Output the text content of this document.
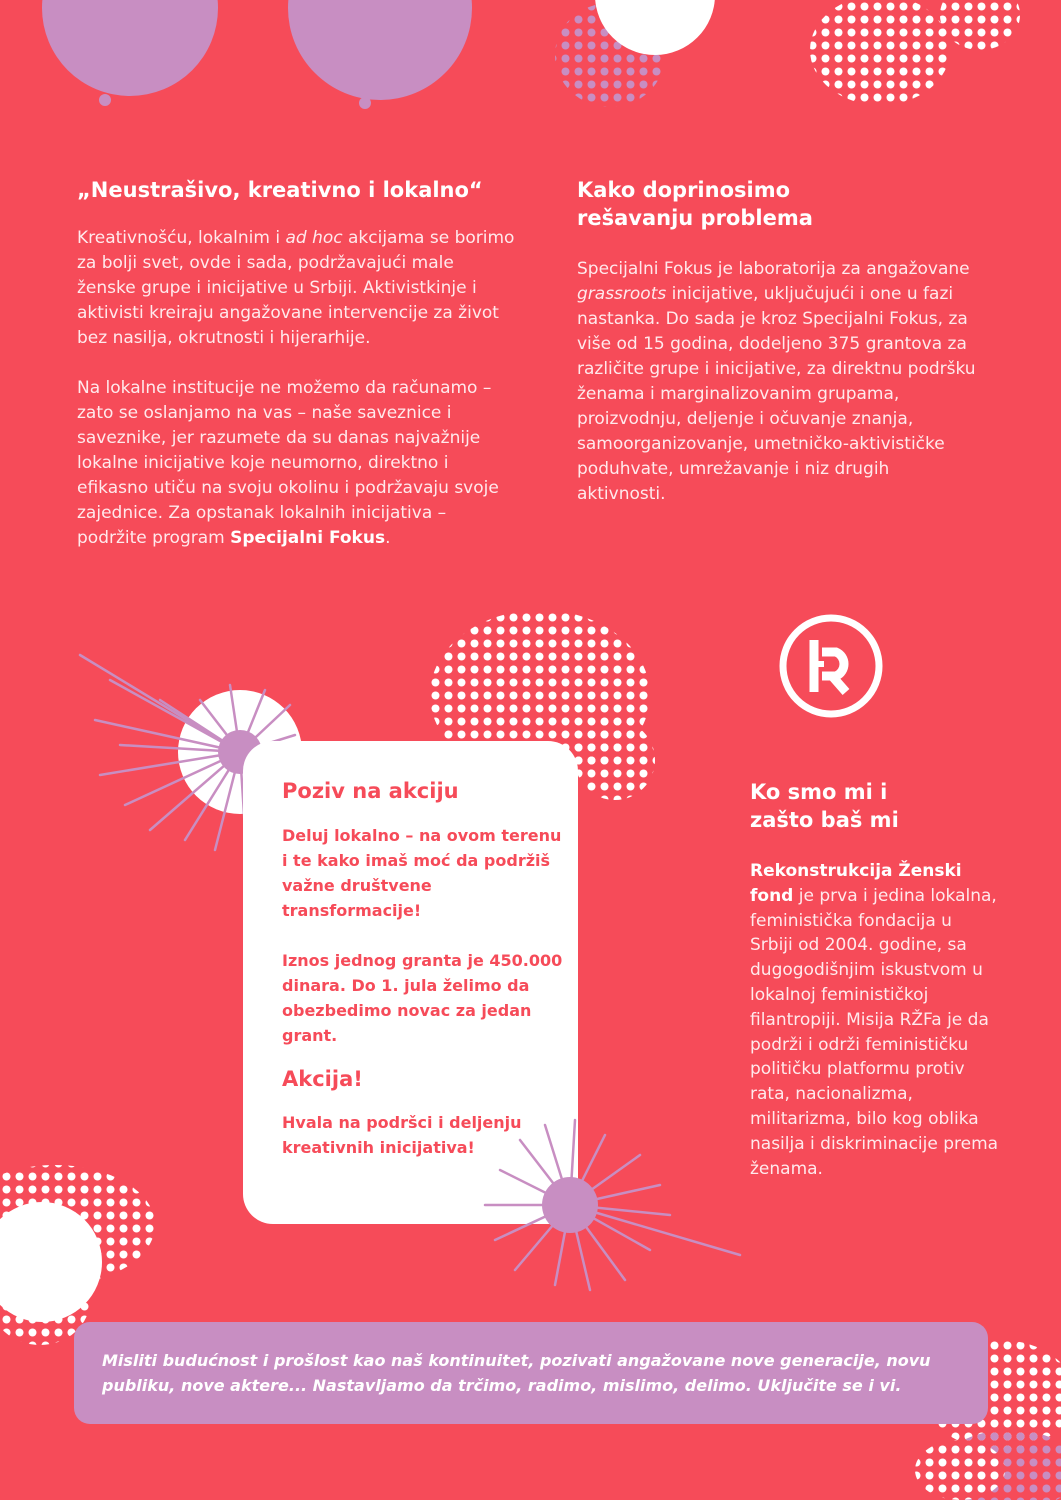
„Neustrašivo, kreativno i lokalno“

Kreativnošću, lokalnim i ad hoc akcijama se borimo za bolji svet, ovde i sada, podržavajući male ženske grupe i inicijative u Srbiji. Aktivistkinje i aktivisti kreiraju angažovane intervencije za život bez nasilja, okrutnosti i hijerarhije.

Na lokalne institucije ne možemo da računamo – zato se oslanjamo na vas – naše saveznice i saveznike, jer razumete da su danas najvažnije lokalne inicijative koje neumorno, direktno i efikasno utiču na svoju okolinu i podržavaju svoje zajednice. Za opstanak lokalnih inicijativa – podržite program Specijalni Fokus.

Kako doprinosimo
rešavanju problema

Specijalni Fokus je laboratorija za angažovane grassroots inicijative, uključujući i one u fazi nastanka. Do sada je kroz Specijalni Fokus, za više od 15 godina, dodeljeno 375 grantova za različite grupe i inicijative, za direktnu podršku ženama i marginalizovanim grupama, proizvodnju, deljenje i očuvanje znanja, samoorganizovanje, umetničko-aktivističke poduhvate, umrežavanje i niz drugih aktivnosti.

Poziv na akciju

Deluj lokalno – na ovom terenu i te kako imaš moć da podržiš važne društvene transformacije!

Iznos jednog granta je 450.000 dinara. Do 1. jula želimo da obezbedimo novac za jedan grant.

Akcija!

Hvala na podršci i deljenju kreativnih inicijativa!

Ko smo mi i
zašto baš mi

Rekonstrukcija Ženski fond je prva i jedina lokalna, feministička fondacija u Srbiji od 2004. godine, sa dugogodišnjim iskustvom u lokalnoj feminističkoj filantropiji. Misija RŽFa je da podrži i održi feminističku političku platformu protiv rata, nacionalizma, militarizma, bilo kog oblika nasilja i diskriminacije prema ženama.

Misliti budućnost i prošlost kao naš kontinuitet, pozivati angažovane nove generacije, novu publiku, nove aktere... Nastavljamo da trčimo, radimo, mislimo, delimo. Uključite se i vi.
